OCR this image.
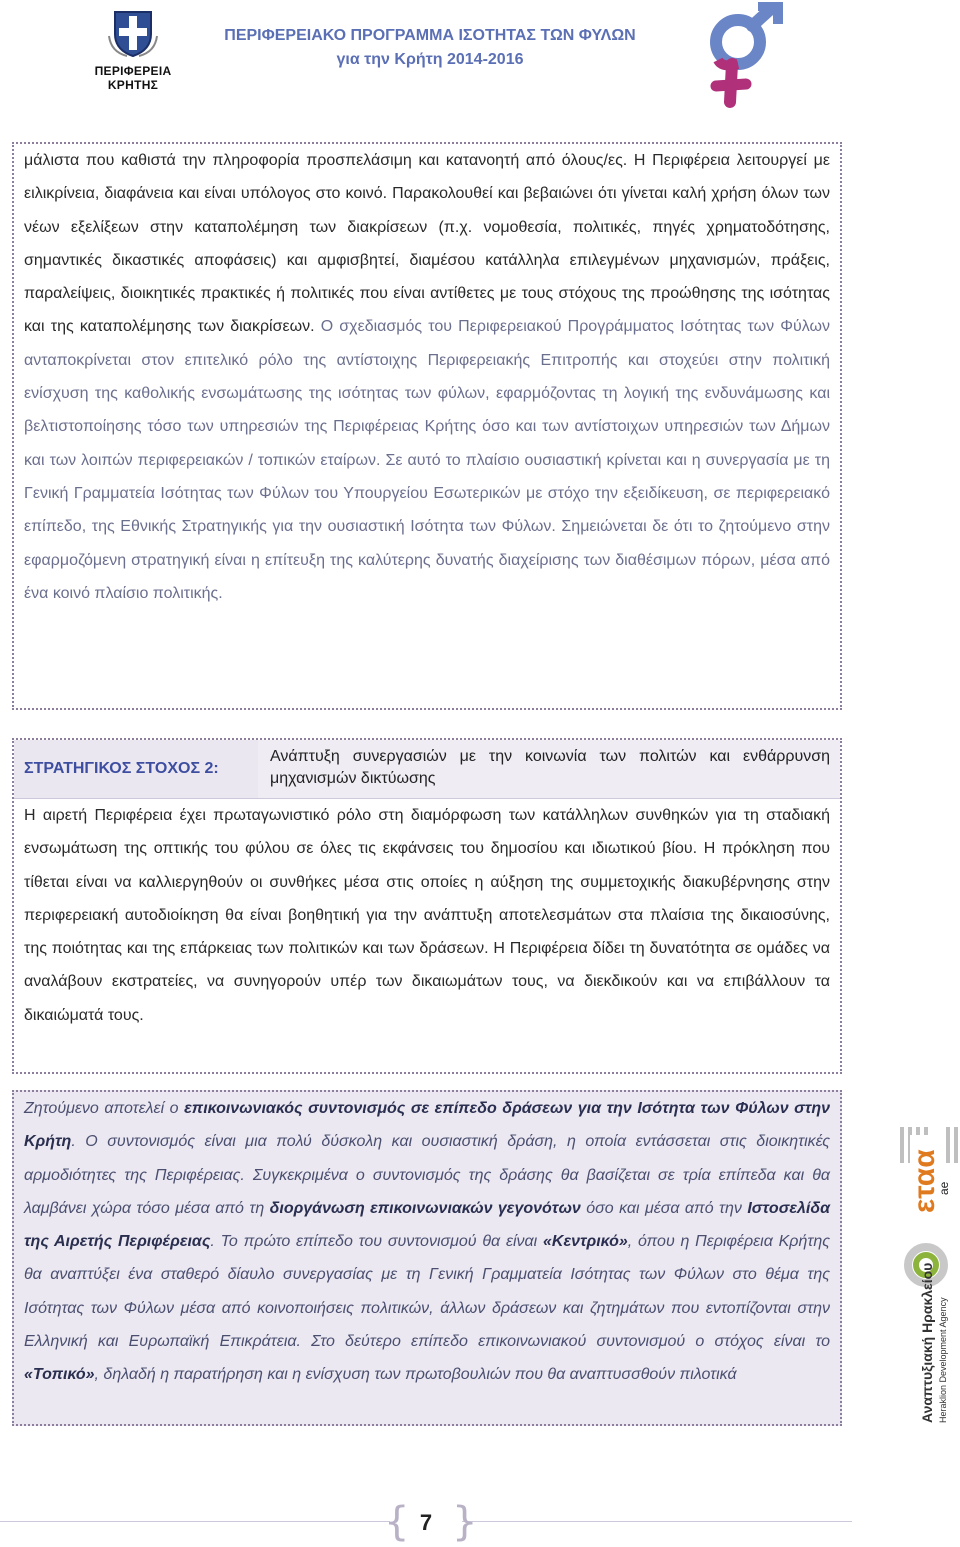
ΠΕΡΙΦΕΡΕΙΑ
ΚΡΗΤΗΣ
ΠΕΡΙΦΕΡΕΙΑΚΟ ΠΡΟΓΡΑΜΜΑ ΙΣΟΤΗΤΑΣ ΤΩΝ ΦΥΛΩΝ
για την Κρήτη 2014-2016

μάλιστα που καθιστά την πληροφορία προσπελάσιμη και κατανοητή από όλους/ες. Η Περιφέρεια λειτουργεί με ειλικρίνεια, διαφάνεια και είναι υπόλογος στο κοινό. Παρακολουθεί και βεβαιώνει ότι γίνεται καλή χρήση όλων των νέων εξελίξεων στην καταπολέμηση των διακρίσεων (π.χ. νομοθεσία, πολιτικές, πηγές χρηματοδότησης, σημαντικές δικαστικές αποφάσεις) και αμφισβητεί, διαμέσου κατάλληλα επιλεγμένων μηχανισμών, πράξεις, παραλείψεις, διοικητικές πρακτικές ή πολιτικές που είναι αντίθετες με τους στόχους της προώθησης της ισότητας και της καταπολέμησης των διακρίσεων. Ο σχεδιασμός του Περιφερειακού Προγράμματος Ισότητας των Φύλων ανταποκρίνεται στον επιτελικό ρόλο της αντίστοιχης Περιφερειακής Επιτροπής και στοχεύει στην πολιτική ενίσχυση της καθολικής ενσωμάτωσης της ισότητας των φύλων, εφαρμόζοντας τη λογική της ενδυνάμωσης και βελτιστοποίησης τόσο των υπηρεσιών της Περιφέρειας Κρήτης όσο και των αντίστοιχων υπηρεσιών των Δήμων και των λοιπών περιφερειακών / τοπικών εταίρων. Σε αυτό το πλαίσιο ουσιαστική κρίνεται και η συνεργασία με τη Γενική Γραμματεία Ισότητας των Φύλων του Υπουργείου Εσωτερικών με στόχο την εξειδίκευση, σε περιφερειακό επίπεδο, της Εθνικής Στρατηγικής για την ουσιαστική Ισότητα των Φύλων. Σημειώνεται δε ότι το ζητούμενο στην εφαρμοζόμενη στρατηγική είναι η επίτευξη της καλύτερης δυνατής διαχείρισης των διαθέσιμων πόρων, μέσα από ένα κοινό πλαίσιο πολιτικής.

ΣΤΡΑΤΗΓΙΚΟΣ ΣΤΟΧΟΣ 2:
Ανάπτυξη συνεργασιών με την κοινωνία των πολιτών και ενθάρρυνση μηχανισμών δικτύωσης

Η αιρετή Περιφέρεια έχει πρωταγωνιστικό ρόλο στη διαμόρφωση των κατάλληλων συνθηκών για τη σταδιακή ενσωμάτωση της οπτικής του φύλου σε όλες τις εκφάνσεις του δημοσίου και ιδιωτικού βίου. Η πρόκληση που τίθεται είναι να καλλιεργηθούν οι συνθήκες μέσα στις οποίες η αύξηση της συμμετοχικής διακυβέρνησης στην περιφερειακή αυτοδιοίκηση θα είναι βοηθητική για την ανάπτυξη αποτελεσμάτων στα πλαίσια της δικαιοσύνης, της ποιότητας και της επάρκειας των πολιτικών και των δράσεων. Η Περιφέρεια δίδει τη δυνατότητα σε ομάδες να αναλάβουν εκστρατείες, να συνηγορούν υπέρ των δικαιωμάτων τους, να διεκδικούν και να επιβάλλουν τα δικαιώματά τους.

Ζητούμενο αποτελεί ο επικοινωνιακός συντονισμός σε επίπεδο δράσεων για την Ισότητα των Φύλων στην Κρήτη. Ο συντονισμός είναι μια πολύ δύσκολη και ουσιαστική δράση, η οποία εντάσσεται στις διοικητικές αρμοδιότητες της Περιφέρειας. Συγκεκριμένα ο συντονισμός της δράσης θα βασίζεται σε τρία επίπεδα και θα λαμβάνει χώρα τόσο μέσα από τη διοργάνωση επικοινωνιακών γεγονότων όσο και μέσα από την Ιστοσελίδα της Αιρετής Περιφέρειας. Το πρώτο επίπεδο του συντονισμού θα είναι «Κεντρικό», όπου η Περιφέρεια Κρήτης θα αναπτύξει ένα σταθερό δίαυλο συνεργασίας με τη Γενική Γραμματεία Ισότητας των Φύλων στο θέμα της Ισότητας των Φύλων μέσα από κοινοποιήσεις πολιτικών, άλλων δράσεων και ζητημάτων που εντοπίζονται στην Ελληνική και Ευρωπαϊκή Επικράτεια. Στο δεύτερο επίπεδο επικοινωνιακού συντονισμού ο στόχος είναι το «Τοπικό», δηλαδή η παρατήρηση και η ενίσχυση των πρωτοβουλιών που θα αναπτυσσθούν πιλοτικά

εταα
ae
Αναπτυξιακή Ηρακλείου Heraklion Development Agency
{ 7 }
